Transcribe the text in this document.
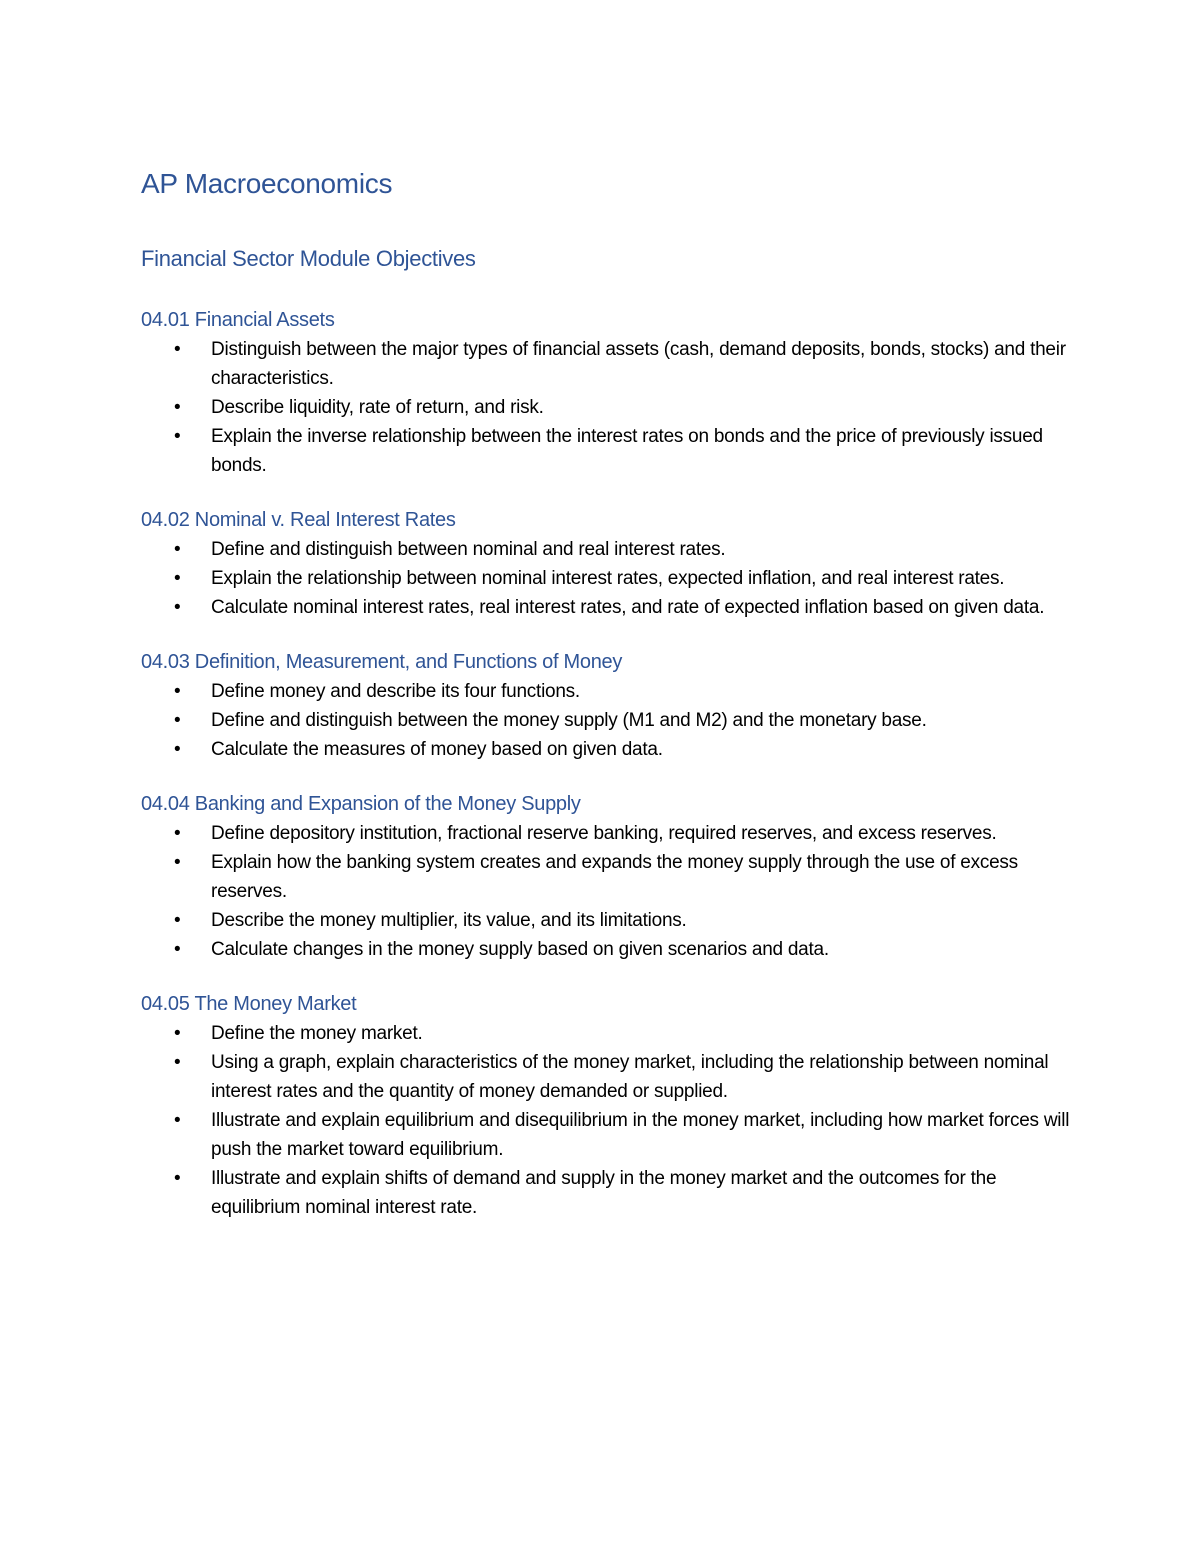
AP Macroeconomics
Financial Sector Module Objectives
04.01 Financial Assets
• Distinguish between the major types of financial assets (cash, demand deposits, bonds, stocks) and their characteristics.
• Describe liquidity, rate of return, and risk.
• Explain the inverse relationship between the interest rates on bonds and the price of previously issued bonds.
04.02 Nominal v. Real Interest Rates
• Define and distinguish between nominal and real interest rates.
• Explain the relationship between nominal interest rates, expected inflation, and real interest rates.
• Calculate nominal interest rates, real interest rates, and rate of expected inflation based on given data.
04.03 Definition, Measurement, and Functions of Money
• Define money and describe its four functions.
• Define and distinguish between the money supply (M1 and M2) and the monetary base.
• Calculate the measures of money based on given data.
04.04 Banking and Expansion of the Money Supply
• Define depository institution, fractional reserve banking, required reserves, and excess reserves.
• Explain how the banking system creates and expands the money supply through the use of excess reserves.
• Describe the money multiplier, its value, and its limitations.
• Calculate changes in the money supply based on given scenarios and data.
04.05 The Money Market
• Define the money market.
• Using a graph, explain characteristics of the money market, including the relationship between nominal interest rates and the quantity of money demanded or supplied.
• Illustrate and explain equilibrium and disequilibrium in the money market, including how market forces will push the market toward equilibrium.
• Illustrate and explain shifts of demand and supply in the money market and the outcomes for the equilibrium nominal interest rate.
